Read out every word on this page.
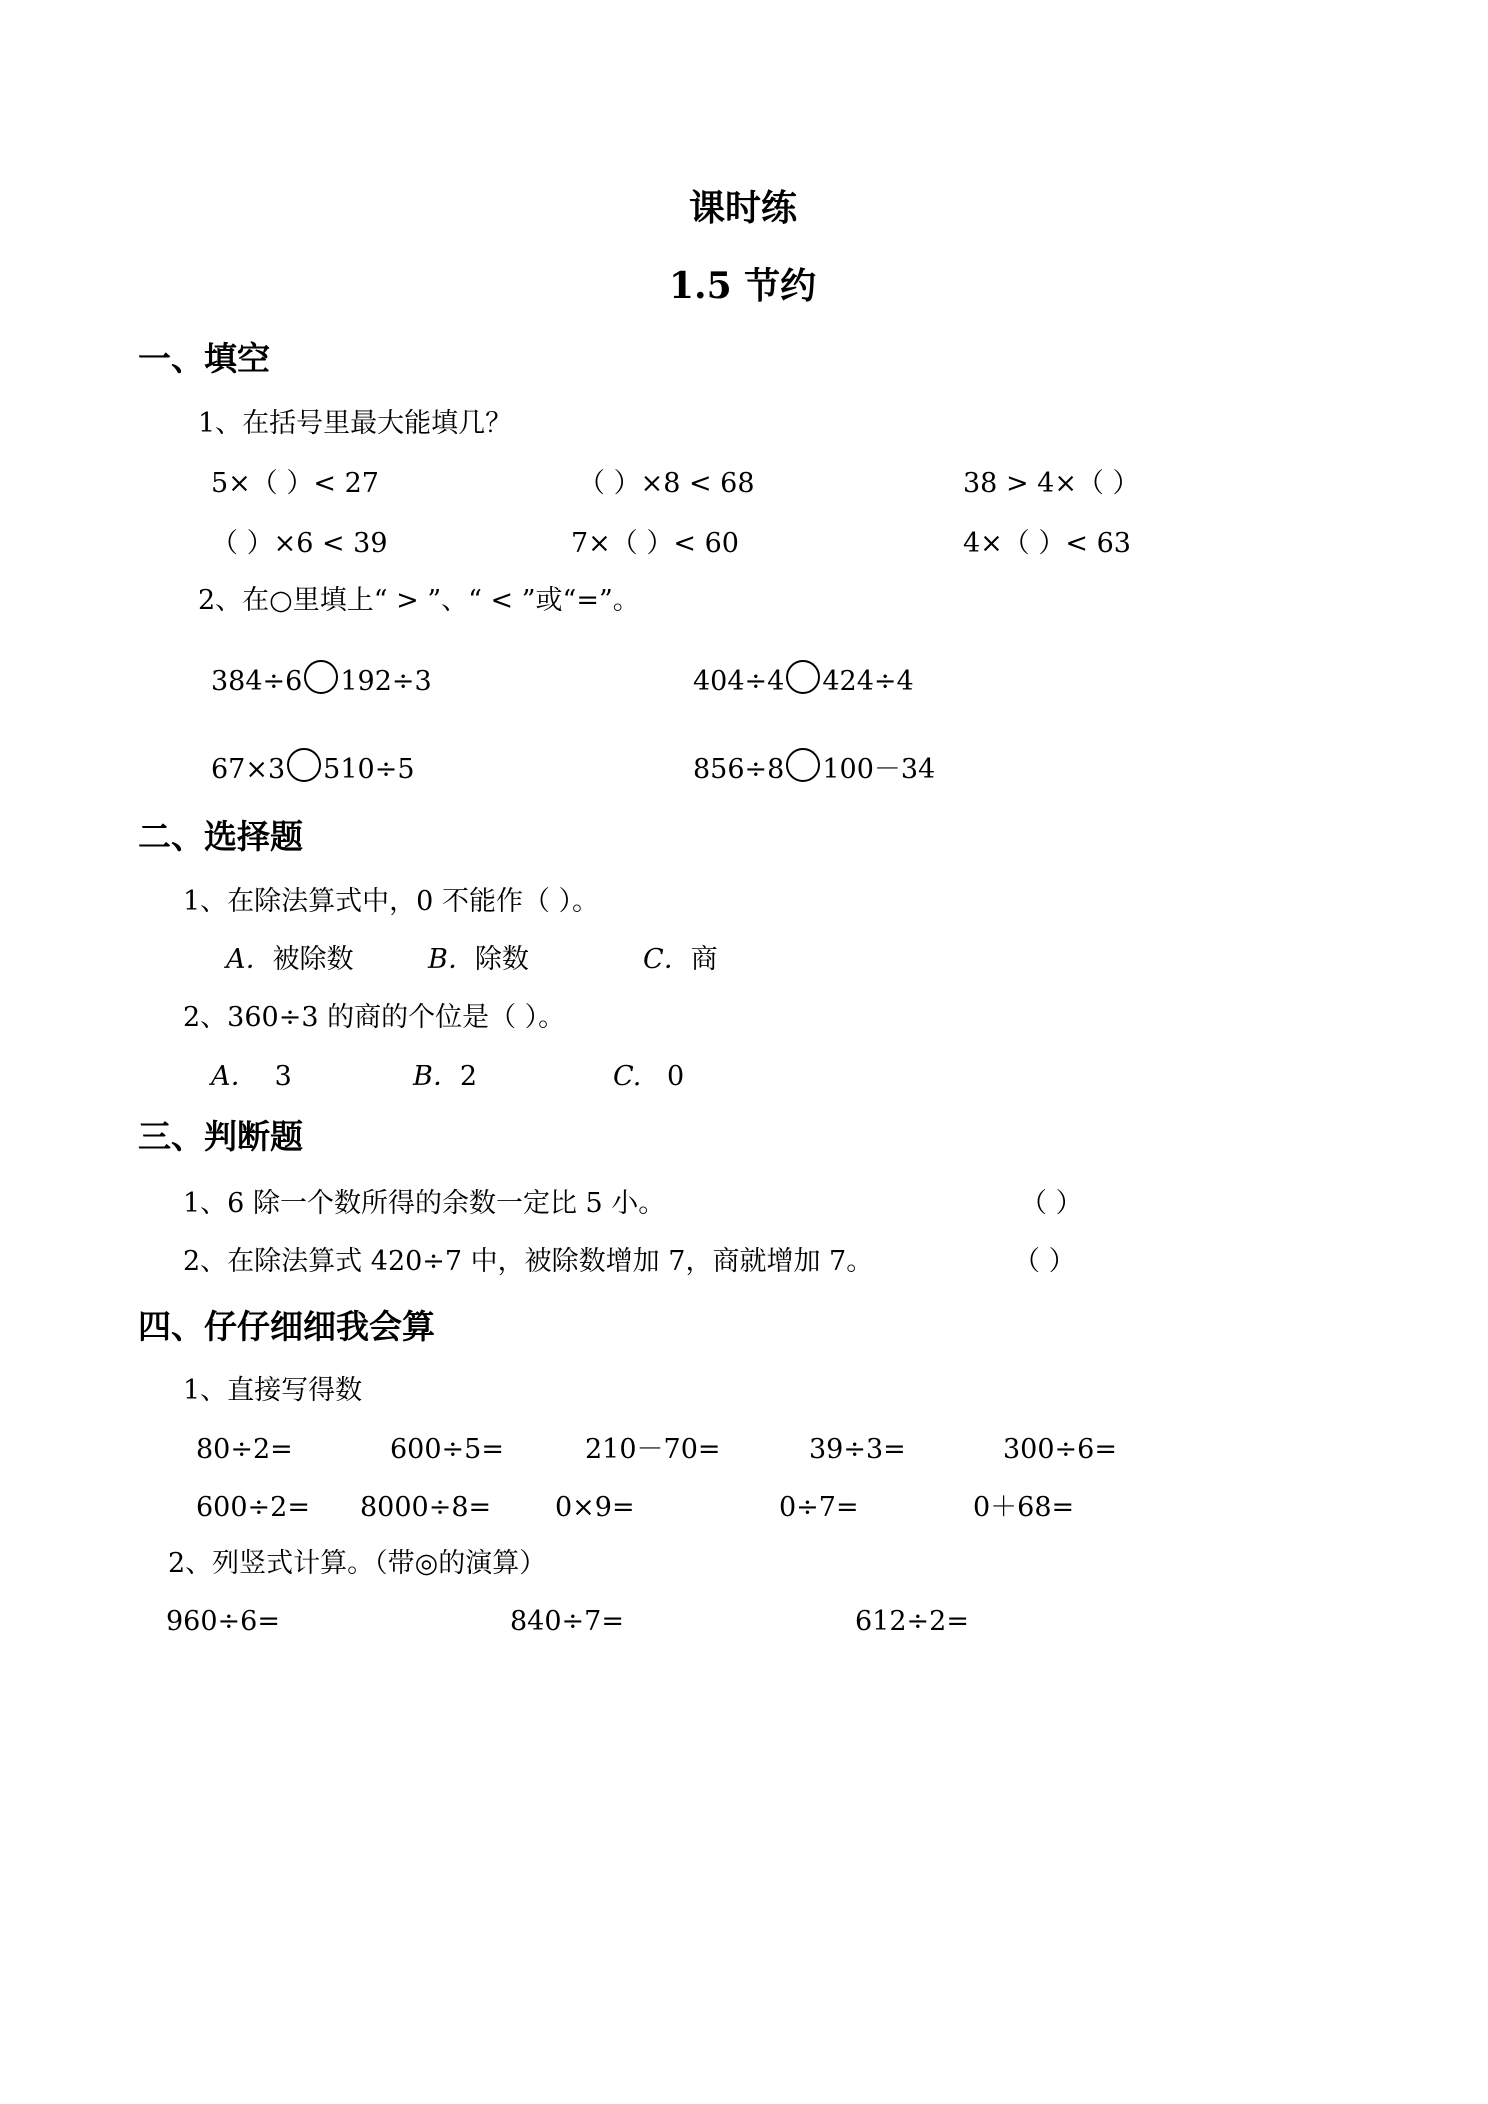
课时练
1.5 节约
一、填空
1、在括号里最大能填几？
5×（ ）< 27	（ ）×8 < 68	38 > 4×（ ）
（ ）×6 < 39	7×（ ）< 60	4×（ ）< 63
2、在○里填上“ > ”、“ < ”或“=”。
384÷6 192÷3	404÷4 424÷4
67×3 510÷5	856÷8 100－34
二、选择题
1、在除法算式中，0 不能作（ ）。
A．被除数	B．除数	C．商
2、360÷3 的商的个位是（ ）。
A． 3	B．2	C. 0
三、判断题
1、6 除一个数所得的余数一定比 5 小。	（ ）
2、在除法算式 420÷7 中，被除数增加 7，商就增加 7。	（ ）
四、仔仔细细我会算
1、直接写得数
80÷2=	600÷5=	210－70=	39÷3=	300÷6=
600÷2= 8000÷8= 0×9=	0÷7=	0＋68=
2、列竖式计算。（带◎的演算）
960÷6=	840÷7=	612÷2=
